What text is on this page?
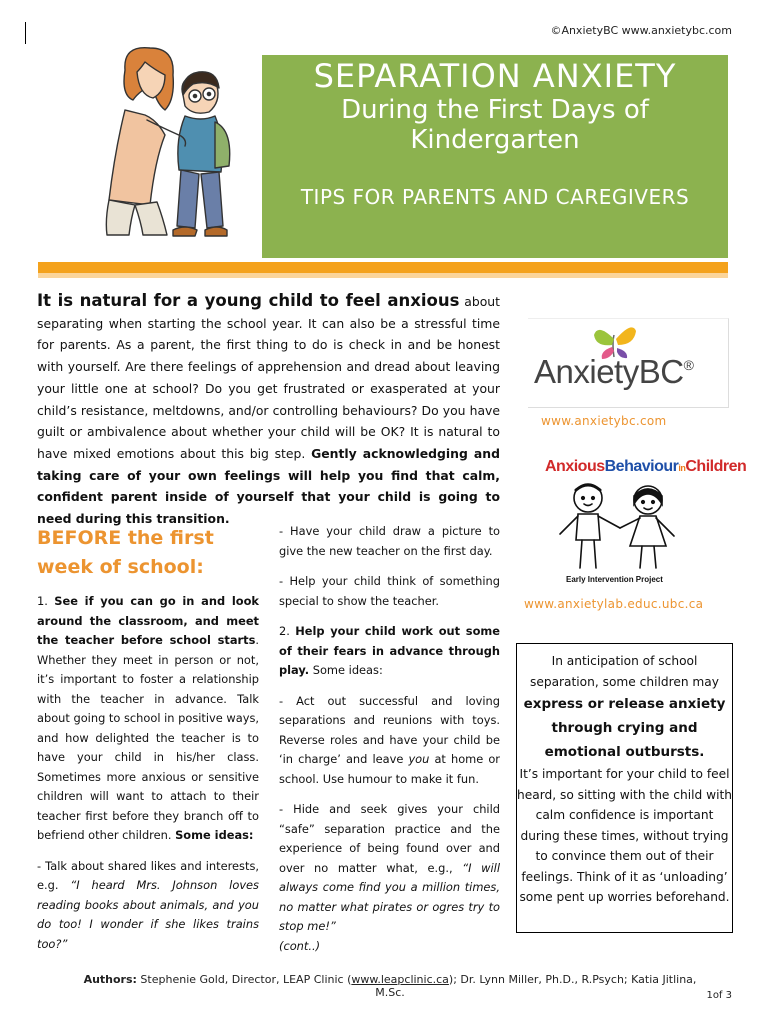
©AnxietyBC www.anxietybc.com
SEPARATION ANXIETY
During the First Days of
Kindergarten
TIPS FOR PARENTS AND CAREGIVERS
It is natural for a young child to feel anxious about separating when starting the school year. It can also be a stressful time for parents. As a parent, the first thing to do is check in and be honest with yourself. Are there feelings of apprehension and dread about leaving your little one at school? Do you get frustrated or exasperated at your child’s resistance, meltdowns, and/or controlling behaviours? Do you have guilt or ambivalence about whether your child will be OK? It is natural to have mixed emotions about this big step. Gently acknowledging and taking care of your own feelings will help you find that calm, confident parent inside of yourself that your child is going to need during this transition.
BEFORE the first week of school:

1. See if you can go in and look around the classroom, and meet the teacher before school starts. Whether they meet in person or not, it’s important to foster a relationship with the teacher in advance. Talk about going to school in positive ways, and how delighted the teacher is to have your child in his/her class. Sometimes more anxious or sensitive children will want to attach to their teacher first before they branch off to befriend other children. Some ideas:

- Talk about shared likes and interests, e.g. “I heard Mrs. Johnson loves reading books about animals, and you do too! I wonder if she likes trains too?”

- Have your child draw a picture to give the new teacher on the first day.

- Help your child think of something special to show the teacher.

2. Help your child work out some of their fears in advance through play. Some ideas:

- Act out successful and loving separations and reunions with toys. Reverse roles and have your child be ‘in charge’ and leave you at home or school. Use humour to make it fun.

- Hide and seek gives your child “safe” separation practice and the experience of being found over and over no matter what, e.g., “I will always come find you a million times, no matter what pirates or ogres try to stop me!”

(cont..)

AnxietyBC®
www.anxietybc.com
AnxiousBehaviourinChildren
Early Intervention Project
www.anxietylab.educ.ubc.ca
In anticipation of school separation, some children may
express or release anxiety through crying and emotional outbursts.
It’s important for your child to feel heard, so sitting with the child with calm confidence is important during these times, without trying to convince them out of their feelings. Think of it as ‘unloading’ some pent up worries beforehand.
Authors: Stephenie Gold, Director, LEAP Clinic (www.leapclinic.ca); Dr. Lynn Miller, Ph.D., R.Psych; Katia Jitlina, M.Sc.	1of 3
